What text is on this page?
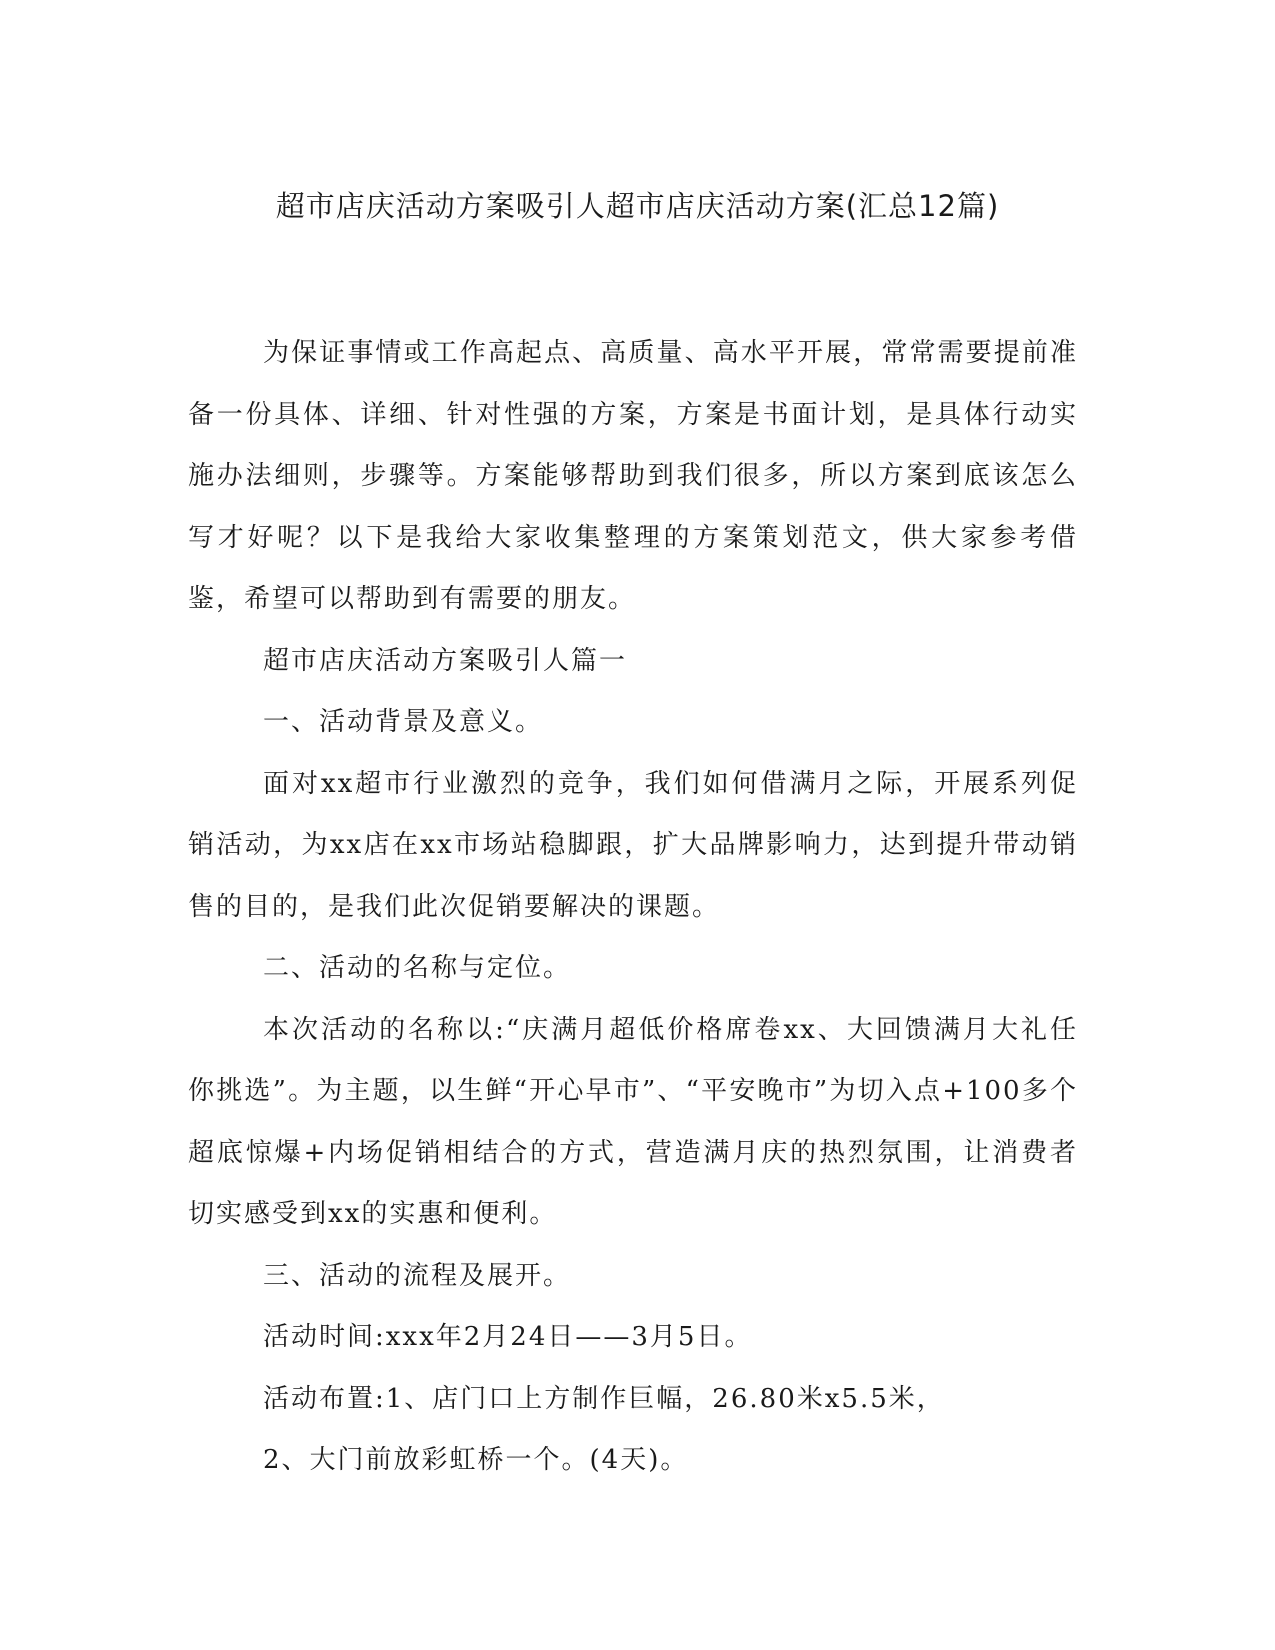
超市店庆活动方案吸引人超市店庆活动方案(汇总12篇)

为保证事情或工作高起点、高质量、高水平开展，常常需要提前准备一份具体、详细、针对性强的方案，方案是书面计划，是具体行动实施办法细则，步骤等。方案能够帮助到我们很多，所以方案到底该怎么写才好呢？以下是我给大家收集整理的方案策划范文，供大家参考借鉴，希望可以帮助到有需要的朋友。

超市店庆活动方案吸引人篇一

一、活动背景及意义。

面对xx超市行业激烈的竞争，我们如何借满月之际，开展系列促销活动，为xx店在xx市场站稳脚跟，扩大品牌影响力，达到提升带动销售的目的，是我们此次促销要解决的课题。

二、活动的名称与定位。

本次活动的名称以:“庆满月超低价格席卷xx、大回馈满月大礼任你挑选”。为主题，以生鲜“开心早市”、“平安晚市”为切入点+100多个超底惊爆+内场促销相结合的方式，营造满月庆的热烈氛围，让消费者切实感受到xx的实惠和便利。

三、活动的流程及展开。

活动时间:xxx年2月24日——3月5日。

活动布置:1、店门口上方制作巨幅，26.80米x5.5米，

2、大门前放彩虹桥一个。(4天)。
